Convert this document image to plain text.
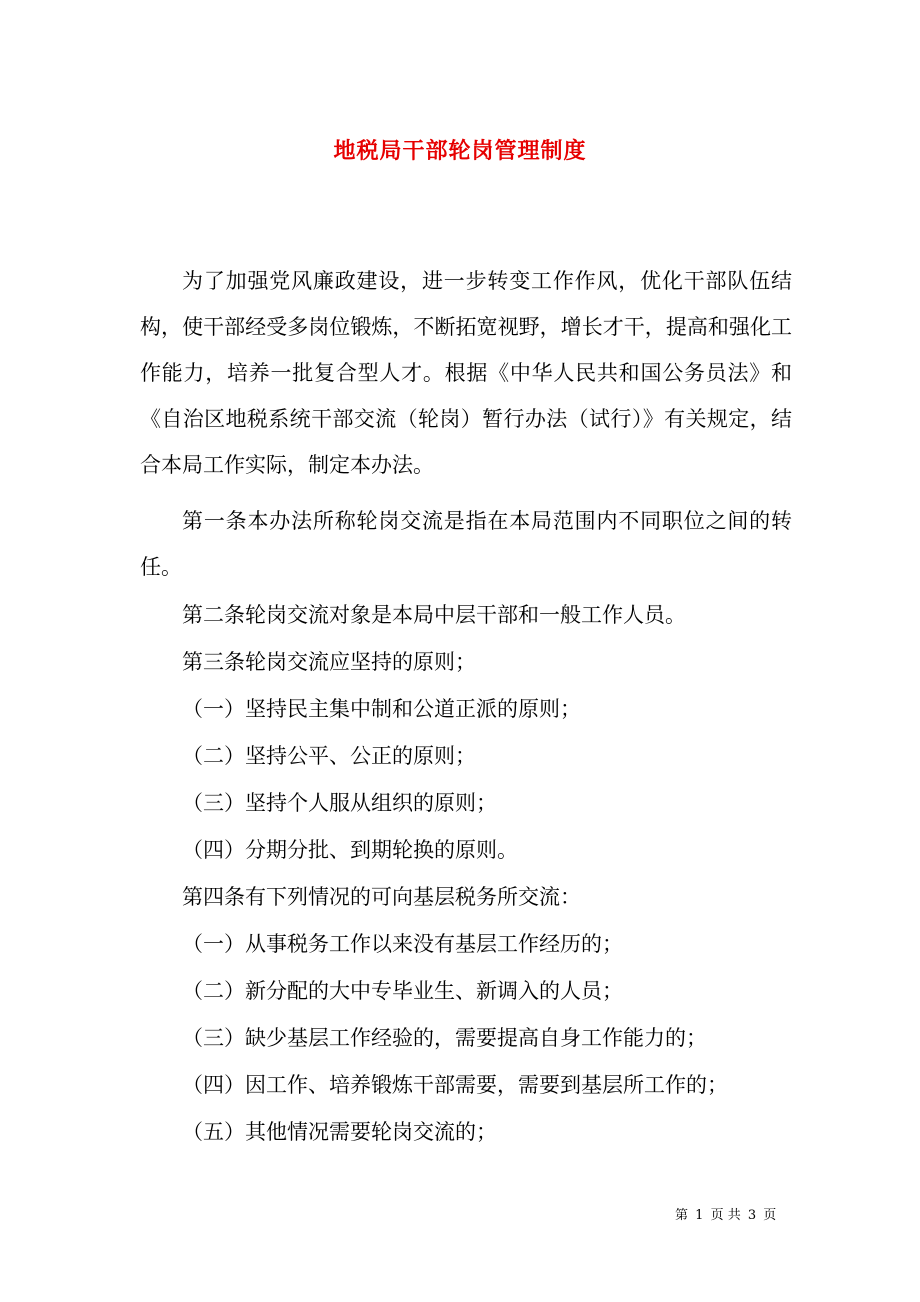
地税局干部轮岗管理制度

为了加强党风廉政建设，进一步转变工作作风，优化干部队伍结构，使干部经受多岗位锻炼，不断拓宽视野，增长才干，提高和强化工作能力，培养一批复合型人才。根据《中华人民共和国公务员法》和《自治区地税系统干部交流（轮岗）暂行办法（试行）》有关规定，结合本局工作实际，制定本办法。

第一条本办法所称轮岗交流是指在本局范围内不同职位之间的转任。

第二条轮岗交流对象是本局中层干部和一般工作人员。

第三条轮岗交流应坚持的原则；

（一）坚持民主集中制和公道正派的原则；

（二）坚持公平、公正的原则；

（三）坚持个人服从组织的原则；

（四）分期分批、到期轮换的原则。

第四条有下列情况的可向基层税务所交流：

（一）从事税务工作以来没有基层工作经历的；

（二）新分配的大中专毕业生、新调入的人员；

（三）缺少基层工作经验的，需要提高自身工作能力的；

（四）因工作、培养锻炼干部需要，需要到基层所工作的；

（五）其他情况需要轮岗交流的；

第 1 页 共 3 页
